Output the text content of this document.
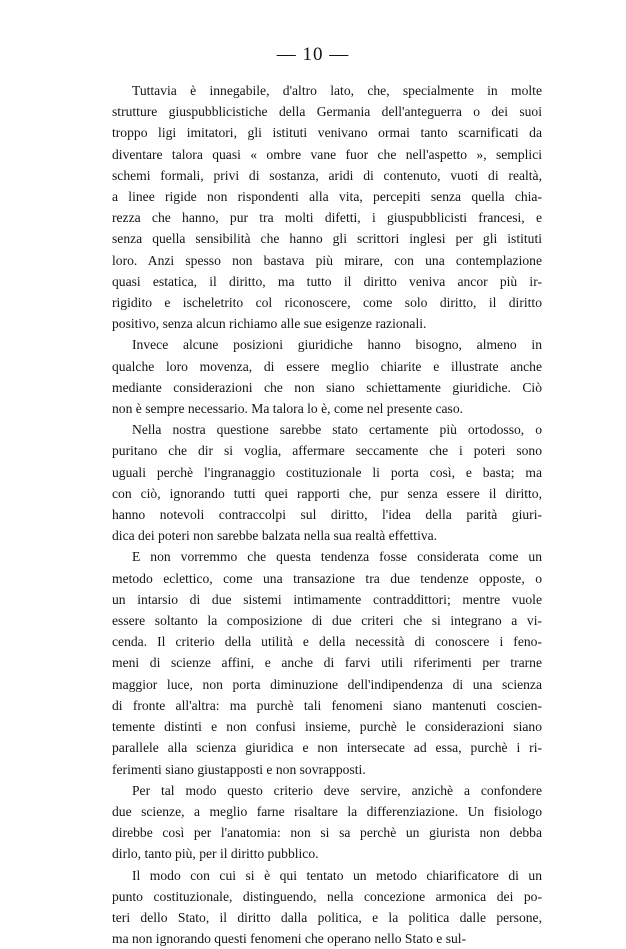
— 10 —

Tuttavia è innegabile, d'altro lato, che, specialmente in molte
strutture giuspubblicistiche della Germania dell'anteguerra o dei suoi
troppo ligi imitatori, gli istituti venivano ormai tanto scarnificati da
diventare talora quasi « ombre vane fuor che nell'aspetto », semplici
schemi formali, privi di sostanza, aridi di contenuto, vuoti di realtà,
a linee rigide non rispondenti alla vita, percepiti senza quella chia-
rezza che hanno, pur tra molti difetti, i giuspubblicisti francesi, e
senza quella sensibilità che hanno gli scrittori inglesi per gli istituti
loro. Anzi spesso non bastava più mirare, con una contemplazione
quasi estatica, il diritto, ma tutto il diritto veniva ancor più ir-
rigidito e ischeletrito col riconoscere, come solo diritto, il diritto
positivo, senza alcun richiamo alle sue esigenze razionali.

Invece alcune posizioni giuridiche hanno bisogno, almeno in
qualche loro movenza, di essere meglio chiarite e illustrate anche
mediante considerazioni che non siano schiettamente giuridiche. Ciò
non è sempre necessario. Ma talora lo è, come nel presente caso.

Nella nostra questione sarebbe stato certamente più ortodosso, o
puritano che dir si voglia, affermare seccamente che i poteri sono
uguali perchè l'ingranaggio costituzionale li porta così, e basta; ma
con ciò, ignorando tutti quei rapporti che, pur senza essere il diritto,
hanno notevoli contraccolpi sul diritto, l'idea della parità giuri-
dica dei poteri non sarebbe balzata nella sua realtà effettiva.

E non vorremmo che questa tendenza fosse considerata come un
metodo eclettico, come una transazione tra due tendenze opposte, o
un intarsio di due sistemi intimamente contraddittori; mentre vuole
essere soltanto la composizione di due criteri che si integrano a vi-
cenda. Il criterio della utilità e della necessità di conoscere i feno-
meni di scienze affini, e anche di farvi utili riferimenti per trarne
maggior luce, non porta diminuzione dell'indipendenza di una scienza
di fronte all'altra: ma purchè tali fenomeni siano mantenuti coscien-
temente distinti e non confusi insieme, purchè le considerazioni siano
parallele alla scienza giuridica e non intersecate ad essa, purchè i ri-
ferimenti siano giustapposti e non sovrapposti.

Per tal modo questo criterio deve servire, anzichè a confondere
due scienze, a meglio farne risaltare la differenziazione. Un fisiologo
direbbe così per l'anatomia: non si sa perchè un giurista non debba
dirlo, tanto più, per il diritto pubblico.

Il modo con cui si è qui tentato un metodo chiarificatore di un
punto costituzionale, distinguendo, nella concezione armonica dei po-
teri dello Stato, il diritto dalla politica, e la politica dalle persone,
ma non ignorando questi fenomeni che operano nello Stato e sul-
